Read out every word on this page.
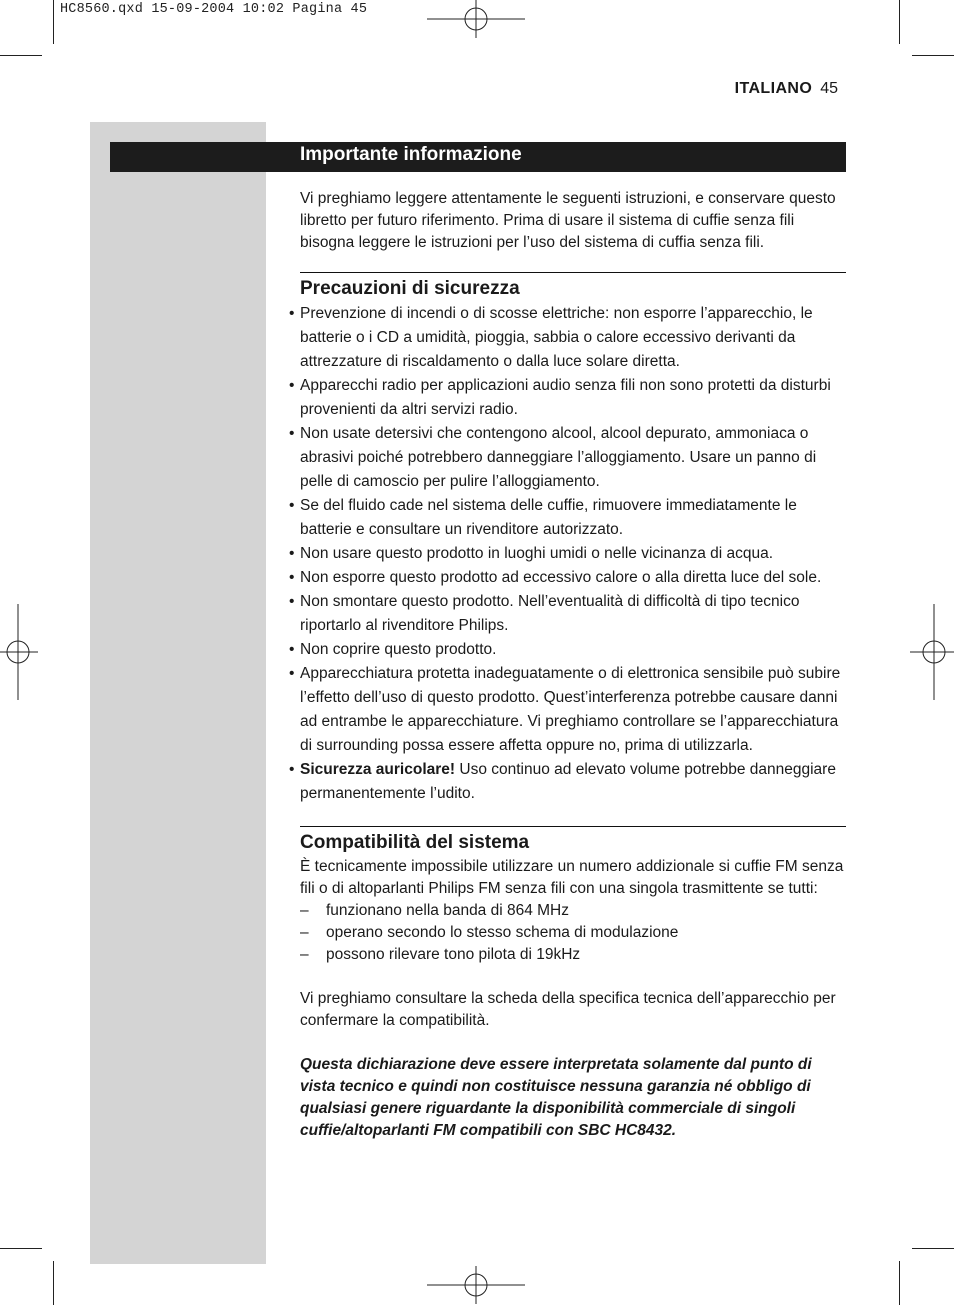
HC8560.qxd 15-09-2004 10:02 Pagina 45
ITALIANO 45
Importante informazione

Vi preghiamo leggere attentamente le seguenti istruzioni, e conservare questo libretto per futuro riferimento. Prima di usare il sistema di cuffie senza fili bisogna leggere le istruzioni per l’uso del sistema di cuffia senza fili.

Precauzioni di sicurezza
• Prevenzione di incendi o di scosse elettriche: non esporre l’apparecchio, le batterie o i CD a umidità, pioggia, sabbia o calore eccessivo derivanti da attrezzature di riscaldamento o dalla luce solare diretta.
• Apparecchi radio per applicazioni audio senza fili non sono protetti da disturbi provenienti da altri servizi radio.
• Non usate detersivi che contengono alcool, alcool depurato, ammoniaca o abrasivi poiché potrebbero danneggiare l’alloggiamento. Usare un panno di pelle di camoscio per pulire l’alloggiamento.
• Se del fluido cade nel sistema delle cuffie, rimuovere immediatamente le batterie e consultare un rivenditore autorizzato.
• Non usare questo prodotto in luoghi umidi o nelle vicinanza di acqua.
• Non esporre questo prodotto ad eccessivo calore o alla diretta luce del sole.
• Non smontare questo prodotto. Nell’eventualità di difficoltà di tipo tecnico riportarlo al rivenditore Philips.
• Non coprire questo prodotto.
• Apparecchiatura protetta inadeguatamente o di elettronica sensibile può subire l’effetto dell’uso di questo prodotto. Quest’interferenza potrebbe causare danni ad entrambe le apparecchiature. Vi preghiamo controllare se l’apparecchiatura di surrounding possa essere affetta oppure no, prima di utilizzarla.
• Sicurezza auricolare! Uso continuo ad elevato volume potrebbe danneggiare permanentemente l’udito.
Compatibilità del sistema

È tecnicamente impossibile utilizzare un numero addizionale si cuffie FM senza fili o di altoparlanti Philips FM senza fili con una singola trasmittente se tutti:

– funzionano nella banda di 864 MHz
– operano secondo lo stesso schema di modulazione
– possono rilevare tono pilota di 19kHz

Vi preghiamo consultare la scheda della specifica tecnica dell’apparecchio per confermare la compatibilità.

Questa dichiarazione deve essere interpretata solamente dal punto di vista tecnico e quindi non costituisce nessuna garanzia né obbligo di qualsiasi genere riguardante la disponibilità commerciale di singoli cuffie/altoparlanti FM compatibili con SBC HC8432.
